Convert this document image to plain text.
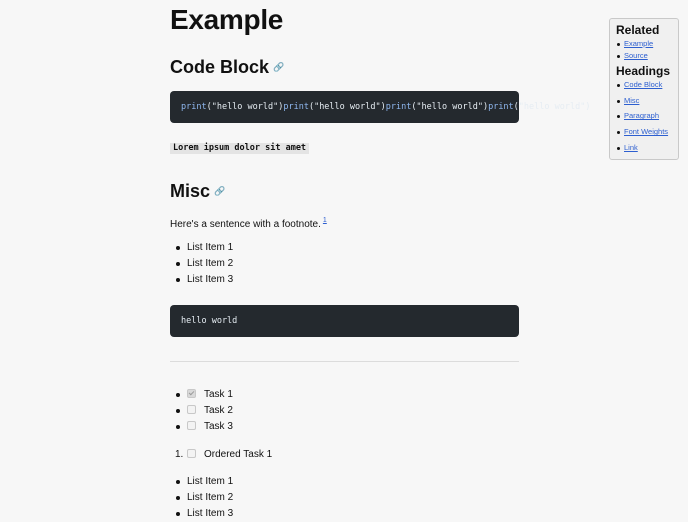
Example
Code Block 🔗
print("hello world")print("hello world")print("hello world")print("hello world")
Lorem ipsum dolor sit amet
Misc 🔗
Here's a sentence with a footnote. $^1$
List Item 1
List Item 2
List Item 3
hello world
Task 1
Task 2
Task 3
1.	Ordered Task 1
List Item 1
List Item 2
List Item 3
Related
Example
Source
Headings
Code Block
Misc
Paragraph
Font Weights
Link
